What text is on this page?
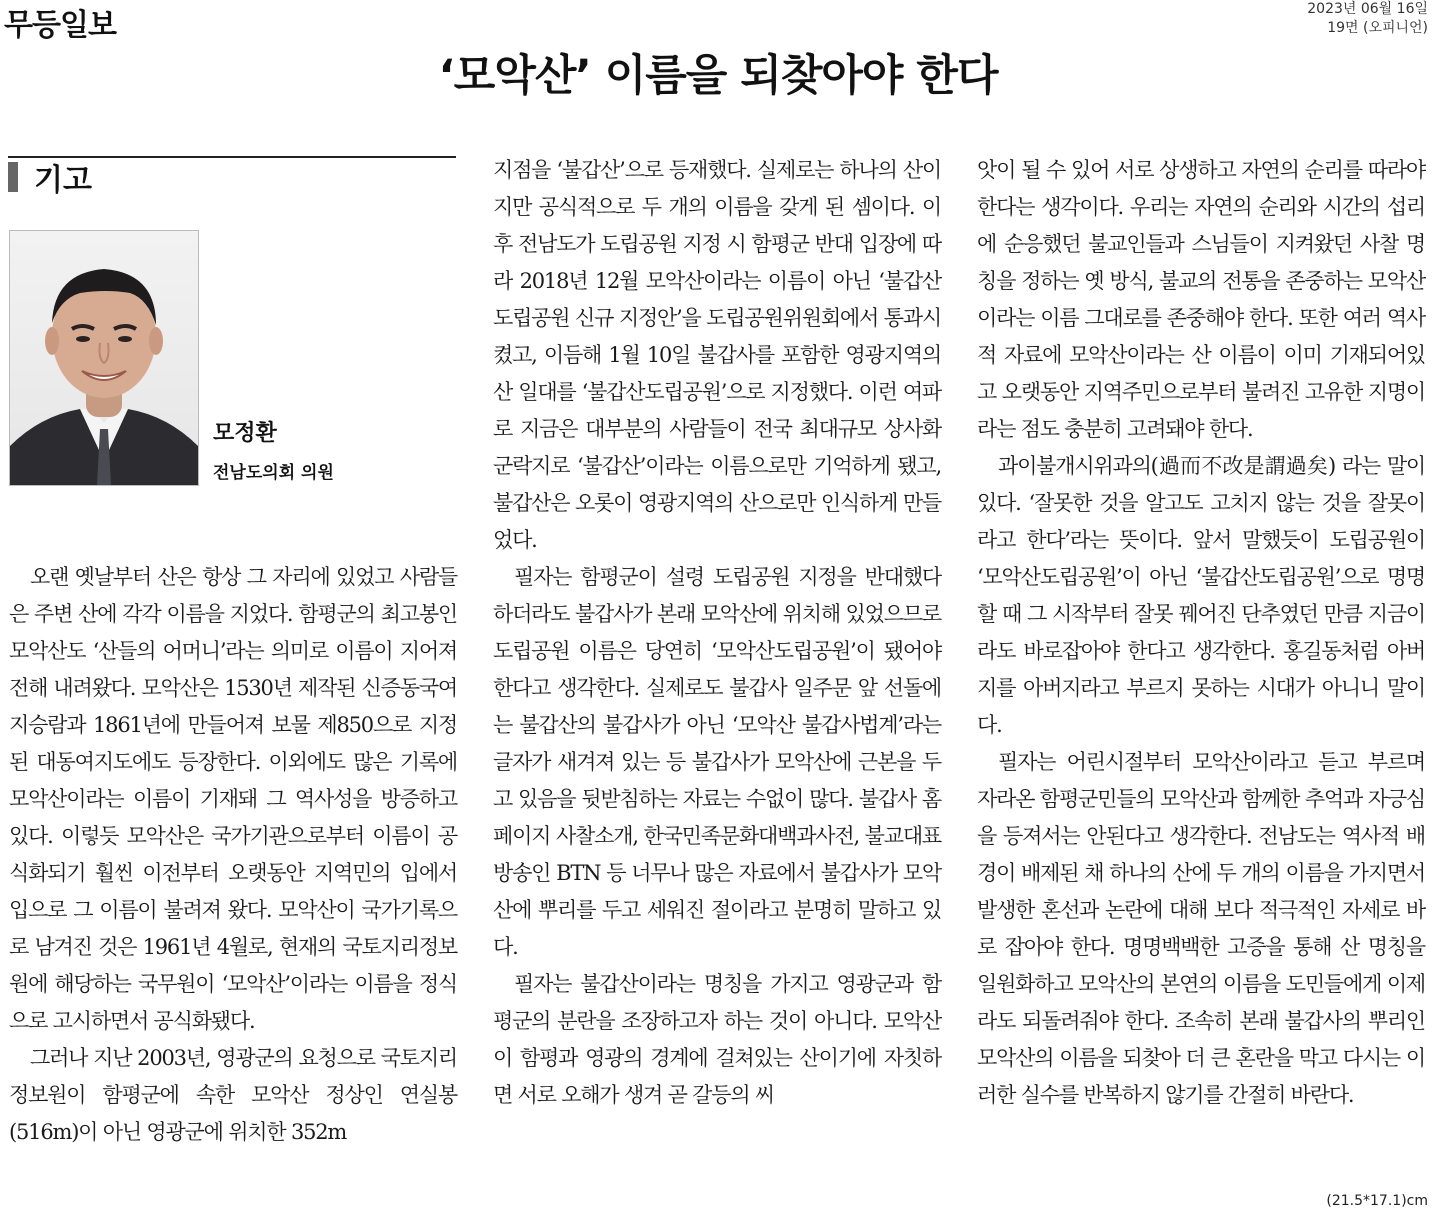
무등일보	2023년 06월 16일
19면 (오피니언)
‘모악산’ 이름을 되찾아야 한다
기고
모정환
전남도의회 의원

오랜 옛날부터 산은 항상 그 자리에 있었고 사람들은 주변 산에 각각 이름을 지었다. 함평군의 최고봉인 모악산도 ‘산들의 어머니’라는 의미로 이름이 지어져 전해 내려왔다. 모악산은 1530년 제작된 신증동국여지승람과 1861년에 만들어져 보물 제850으로 지정된 대동여지도에도 등장한다. 이외에도 많은 기록에 모악산이라는 이름이 기재돼 그 역사성을 방증하고 있다. 이렇듯 모악산은 국가기관으로부터 이름이 공식화되기 훨씬 이전부터 오랫동안 지역민의 입에서 입으로 그 이름이 불려져 왔다. 모악산이 국가기록으로 남겨진 것은 1961년 4월로, 현재의 국토지리정보원에 해당하는 국무원이 ‘모악산’이라는 이름을 정식으로 고시하면서 공식화됐다.

그러나 지난 2003년, 영광군의 요청으로 국토지리정보원이 함평군에 속한 모악산 정상인 연실봉(516m)이 아닌 영광군에 위치한 352m

지점을 ‘불갑산’으로 등재했다. 실제로는 하나의 산이지만 공식적으로 두 개의 이름을 갖게 된 셈이다. 이후 전남도가 도립공원 지정 시 함평군 반대 입장에 따라 2018년 12월 모악산이라는 이름이 아닌 ‘불갑산도립공원 신규 지정안’을 도립공원위원회에서 통과시켰고, 이듬해 1월 10일 불갑사를 포함한 영광지역의 산 일대를 ‘불갑산도립공원’으로 지정했다. 이런 여파로 지금은 대부분의 사람들이 전국 최대규모 상사화 군락지로 ‘불갑산’이라는 이름으로만 기억하게 됐고, 불갑산은 오롯이 영광지역의 산으로만 인식하게 만들었다.

필자는 함평군이 설령 도립공원 지정을 반대했다 하더라도 불갑사가 본래 모악산에 위치해 있었으므로 도립공원 이름은 당연히 ‘모악산도립공원’이 됐어야 한다고 생각한다. 실제로도 불갑사 일주문 앞 선돌에는 불갑산의 불갑사가 아닌 ‘모악산 불갑사법계’라는 글자가 새겨져 있는 등 불갑사가 모악산에 근본을 두고 있음을 뒷받침하는 자료는 수없이 많다. 불갑사 홈페이지 사찰소개, 한국민족문화대백과사전, 불교대표 방송인 BTN 등 너무나 많은 자료에서 불갑사가 모악산에 뿌리를 두고 세워진 절이라고 분명히 말하고 있다.

필자는 불갑산이라는 명칭을 가지고 영광군과 함평군의 분란을 조장하고자 하는 것이 아니다. 모악산이 함평과 영광의 경계에 걸쳐있는 산이기에 자칫하면 서로 오해가 생겨 곧 갈등의 씨

앗이 될 수 있어 서로 상생하고 자연의 순리를 따라야 한다는 생각이다. 우리는 자연의 순리와 시간의 섭리에 순응했던 불교인들과 스님들이 지켜왔던 사찰 명칭을 정하는 옛 방식, 불교의 전통을 존중하는 모악산이라는 이름 그대로를 존중해야 한다. 또한 여러 역사적 자료에 모악산이라는 산 이름이 이미 기재되어있고 오랫동안 지역주민으로부터 불려진 고유한 지명이라는 점도 충분히 고려돼야 한다.

과이불개시위과의(過而不改是謂過矣) 라는 말이 있다. ‘잘못한 것을 알고도 고치지 않는 것을 잘못이라고 한다’라는 뜻이다. 앞서 말했듯이 도립공원이 ‘모악산도립공원’이 아닌 ‘불갑산도립공원’으로 명명할 때 그 시작부터 잘못 꿰어진 단추였던 만큼 지금이라도 바로잡아야 한다고 생각한다. 홍길동처럼 아버지를 아버지라고 부르지 못하는 시대가 아니니 말이다.

필자는 어린시절부터 모악산이라고 듣고 부르며 자라온 함평군민들의 모악산과 함께한 추억과 자긍심을 등져서는 안된다고 생각한다. 전남도는 역사적 배경이 배제된 채 하나의 산에 두 개의 이름을 가지면서 발생한 혼선과 논란에 대해 보다 적극적인 자세로 바로 잡아야 한다. 명명백백한 고증을 통해 산 명칭을 일원화하고 모악산의 본연의 이름을 도민들에게 이제라도 되돌려줘야 한다. 조속히 본래 불갑사의 뿌리인 모악산의 이름을 되찾아 더 큰 혼란을 막고 다시는 이러한 실수를 반복하지 않기를 간절히 바란다.

(21.5*17.1)cm
